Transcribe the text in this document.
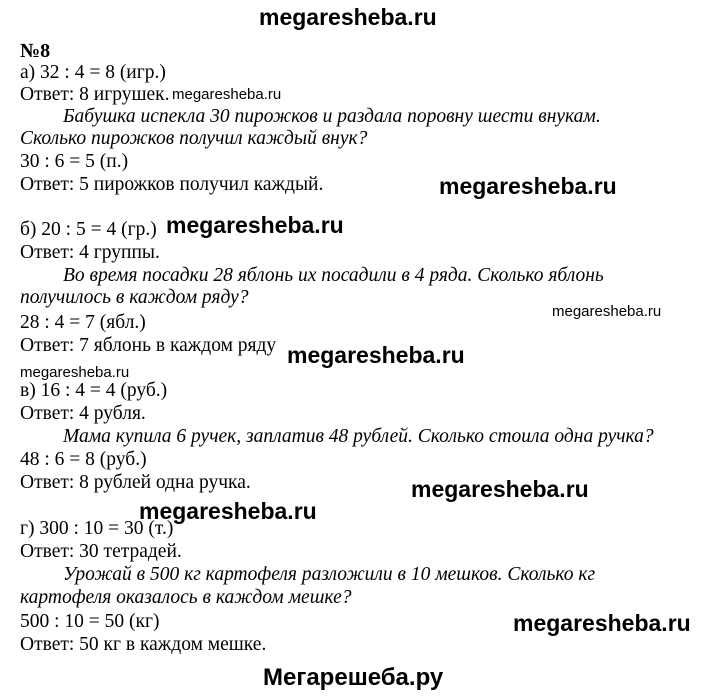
megaresheba.ru
№8
а) 32 : 4 = 8 (игр.)
Ответ: 8 игрушек.
Бабушка испекла 30 пирожков и раздала поровну шести внукам.
Сколько пирожков получил каждый внук?
30 : 6 = 5 (п.)
Ответ: 5 пирожков получил каждый.
б) 20 : 5 = 4 (гр.)
Ответ: 4 группы.
Во время посадки 28 яблонь их посадили в 4 ряда. Сколько яблонь
получилось в каждом ряду?
28 : 4 = 7 (ябл.)
Ответ: 7 яблонь в каждом ряду
в) 16 : 4 = 4 (руб.)
Ответ: 4 рубля.
Мама купила 6 ручек, заплатив 48 рублей. Сколько стоила одна ручка?
48 : 6 = 8 (руб.)
Ответ: 8 рублей одна ручка.
г) 300 : 10 = 30 (т.)
Ответ: 30 тетрадей.
Урожай в 500 кг картофеля разложили в 10 мешков. Сколько кг
картофеля оказалось в каждом мешке?
500 : 10 = 50 (кг)
Ответ: 50 кг в каждом мешке.
megaresheba.ru
megaresheba.ru
megaresheba.ru
megaresheba.ru
megaresheba.ru
megaresheba.ru
megaresheba.ru
megaresheba.ru
megaresheba.ru
Мегарешеба.ру
